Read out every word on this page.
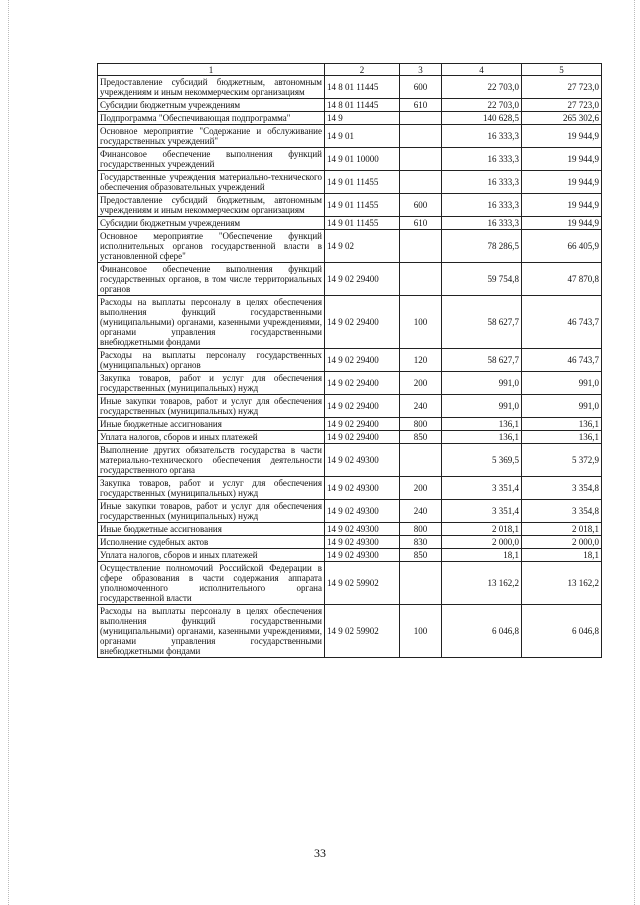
1	2	3	4	5
Предоставление субсидий бюджетным, автономным учреждениям и иным некоммерческим организациям	14 8 01 11445	600	22 703,0	27 723,0
Субсидии бюджетным учреждениям	14 8 01 11445	610	22 703,0	27 723,0
Подпрограмма "Обеспечивающая подпрограмма"	14 9		140 628,5	265 302,6
Основное мероприятие "Содержание и обслуживание государственных учреждений"	14 9 01		16 333,3	19 944,9
Финансовое обеспечение выполнения функций государственных учреждений	14 9 01 10000		16 333,3	19 944,9
Государственные учреждения материально-технического обеспечения образовательных учреждений	14 9 01 11455		16 333,3	19 944,9
Предоставление субсидий бюджетным, автономным учреждениям и иным некоммерческим организациям	14 9 01 11455	600	16 333,3	19 944,9
Субсидии бюджетным учреждениям	14 9 01 11455	610	16 333,3	19 944,9
Основное мероприятие "Обеспечение функций исполнительных органов государственной власти в установленной сфере"	14 9 02		78 286,5	66 405,9
Финансовое обеспечение выполнения функций государственных органов, в том числе территориальных органов	14 9 02 29400		59 754,8	47 870,8
Расходы на выплаты персоналу в целях обеспечения выполнения функций государственными (муниципальными) органами, казенными учреждениями, органами управления государственными внебюджетными фондами	14 9 02 29400	100	58 627,7	46 743,7
Расходы на выплаты персоналу государственных (муниципальных) органов	14 9 02 29400	120	58 627,7	46 743,7
Закупка товаров, работ и услуг для обеспечения государственных (муниципальных) нужд	14 9 02 29400	200	991,0	991,0
Иные закупки товаров, работ и услуг для обеспечения государственных (муниципальных) нужд	14 9 02 29400	240	991,0	991,0
Иные бюджетные ассигнования	14 9 02 29400	800	136,1	136,1
Уплата налогов, сборов и иных платежей	14 9 02 29400	850	136,1	136,1
Выполнение других обязательств государства в части материально-технического обеспечения деятельности государственного органа	14 9 02 49300		5 369,5	5 372,9
Закупка товаров, работ и услуг для обеспечения государственных (муниципальных) нужд	14 9 02 49300	200	3 351,4	3 354,8
Иные закупки товаров, работ и услуг для обеспечения государственных (муниципальных) нужд	14 9 02 49300	240	3 351,4	3 354,8
Иные бюджетные ассигнования	14 9 02 49300	800	2 018,1	2 018,1
Исполнение судебных актов	14 9 02 49300	830	2 000,0	2 000,0
Уплата налогов, сборов и иных платежей	14 9 02 49300	850	18,1	18,1
Осуществление полномочий Российской Федерации в сфере образования в части содержания аппарата уполномоченного исполнительного органа государственной власти	14 9 02 59902		13 162,2	13 162,2
Расходы на выплаты персоналу в целях обеспечения выполнения функций государственными (муниципальными) органами, казенными учреждениями, органами управления государственными внебюджетными фондами	14 9 02 59902	100	6 046,8	6 046,8
33
